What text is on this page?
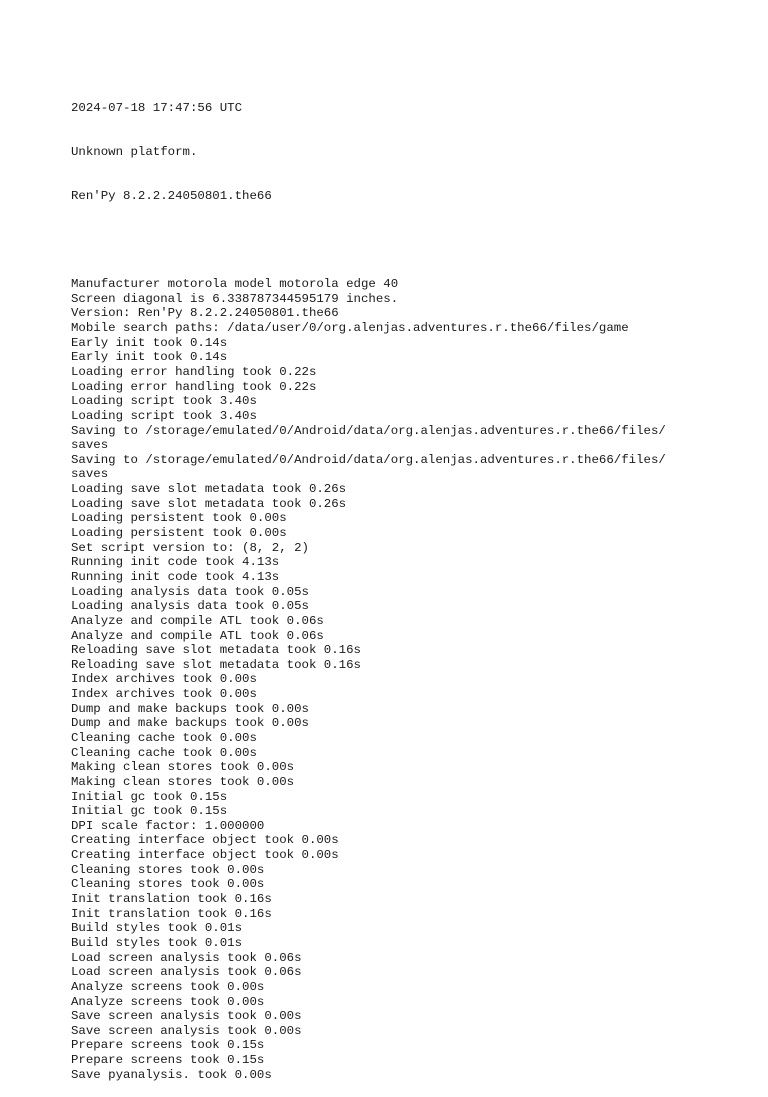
2024-07-18 17:47:56 UTC

Unknown platform.

Ren'Py 8.2.2.24050801.the66

Manufacturer motorola model motorola edge 40
Screen diagonal is 6.338787344595179 inches.
Version: Ren'Py 8.2.2.24050801.the66
Mobile search paths: /data/user/0/org.alenjas.adventures.r.the66/files/game
Early init took 0.14s
Early init took 0.14s
Loading error handling took 0.22s
Loading error handling took 0.22s
Loading script took 3.40s
Loading script took 3.40s
Saving to /storage/emulated/0/Android/data/org.alenjas.adventures.r.the66/files/
saves
Saving to /storage/emulated/0/Android/data/org.alenjas.adventures.r.the66/files/
saves
Loading save slot metadata took 0.26s
Loading save slot metadata took 0.26s
Loading persistent took 0.00s
Loading persistent took 0.00s
Set script version to: (8, 2, 2)
Running init code took 4.13s
Running init code took 4.13s
Loading analysis data took 0.05s
Loading analysis data took 0.05s
Analyze and compile ATL took 0.06s
Analyze and compile ATL took 0.06s
Reloading save slot metadata took 0.16s
Reloading save slot metadata took 0.16s
Index archives took 0.00s
Index archives took 0.00s
Dump and make backups took 0.00s
Dump and make backups took 0.00s
Cleaning cache took 0.00s
Cleaning cache took 0.00s
Making clean stores took 0.00s
Making clean stores took 0.00s
Initial gc took 0.15s
Initial gc took 0.15s
DPI scale factor: 1.000000
Creating interface object took 0.00s
Creating interface object took 0.00s
Cleaning stores took 0.00s
Cleaning stores took 0.00s
Init translation took 0.16s
Init translation took 0.16s
Build styles took 0.01s
Build styles took 0.01s
Load screen analysis took 0.06s
Load screen analysis took 0.06s
Analyze screens took 0.00s
Analyze screens took 0.00s
Save screen analysis took 0.00s
Save screen analysis took 0.00s
Prepare screens took 0.15s
Prepare screens took 0.15s
Save pyanalysis. took 0.00s
